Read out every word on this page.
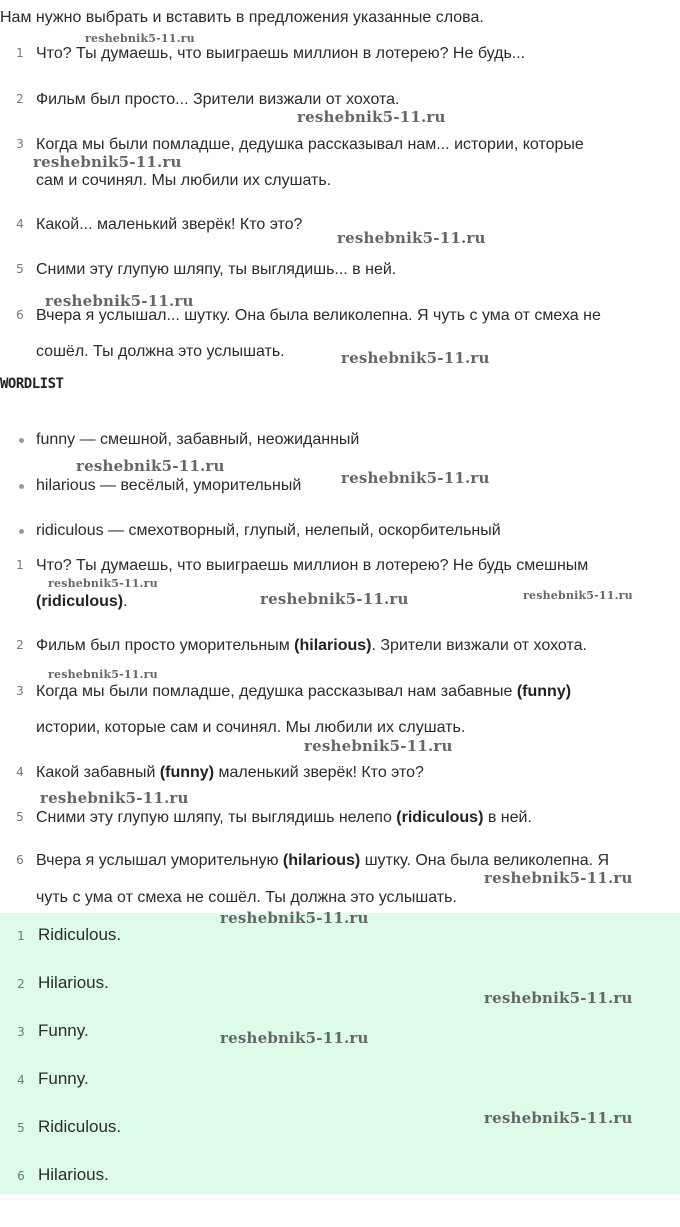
Нам нужно выбрать и вставить в предложения указанные слова.
1 Что? Ты думаешь, что выиграешь миллион в лотерею? Не будь...
2 Фильм был просто... Зрители визжали от хохота.
3 Когда мы были помладше, дедушка рассказывал нам... истории, которые
сам и сочинял. Мы любили их слушать.
4 Какой... маленький зверёк! Кто это?
5 Сними эту глупую шляпу, ты выглядишь... в ней.
6 Вчера я услышал... шутку. Она была великолепна. Я чуть с ума от смеха не
сошёл. Ты должна это услышать.
WORDLIST
funny — смешной, забавный, неожиданный
hilarious — весёлый, уморительный
ridiculous — смехотворный, глупый, нелепый, оскорбительный
1 Что? Ты думаешь, что выиграешь миллион в лотерею? Не будь смешным
(ridiculous).
2 Фильм был просто уморительным (hilarious). Зрители визжали от хохота.
3 Когда мы были помладше, дедушка рассказывал нам забавные (funny)
истории, которые сам и сочинял. Мы любили их слушать.
4 Какой забавный (funny) маленький зверёк! Кто это?
5 Сними эту глупую шляпу, ты выглядишь нелепо (ridiculous) в ней.
6 Вчера я услышал уморительную (hilarious) шутку. Она была великолепна. Я
чуть с ума от смеха не сошёл. Ты должна это услышать.
1 Ridiculous.
2 Hilarious.
3 Funny.
4 Funny.
5 Ridiculous.
6 Hilarious.
reshebnik5-11.ru
reshebnik5-11.ru
reshebnik5-11.ru
reshebnik5-11.ru
reshebnik5-11.ru
reshebnik5-11.ru
reshebnik5-11.ru
reshebnik5-11.ru
reshebnik5-11.ru
reshebnik5-11.ru	reshebnik5-11.ru
reshebnik5-11.ru
reshebnik5-11.ru
reshebnik5-11.ru
reshebnik5-11.ru
reshebnik5-11.ru
reshebnik5-11.ru
reshebnik5-11.ru
reshebnik5-11.ru
